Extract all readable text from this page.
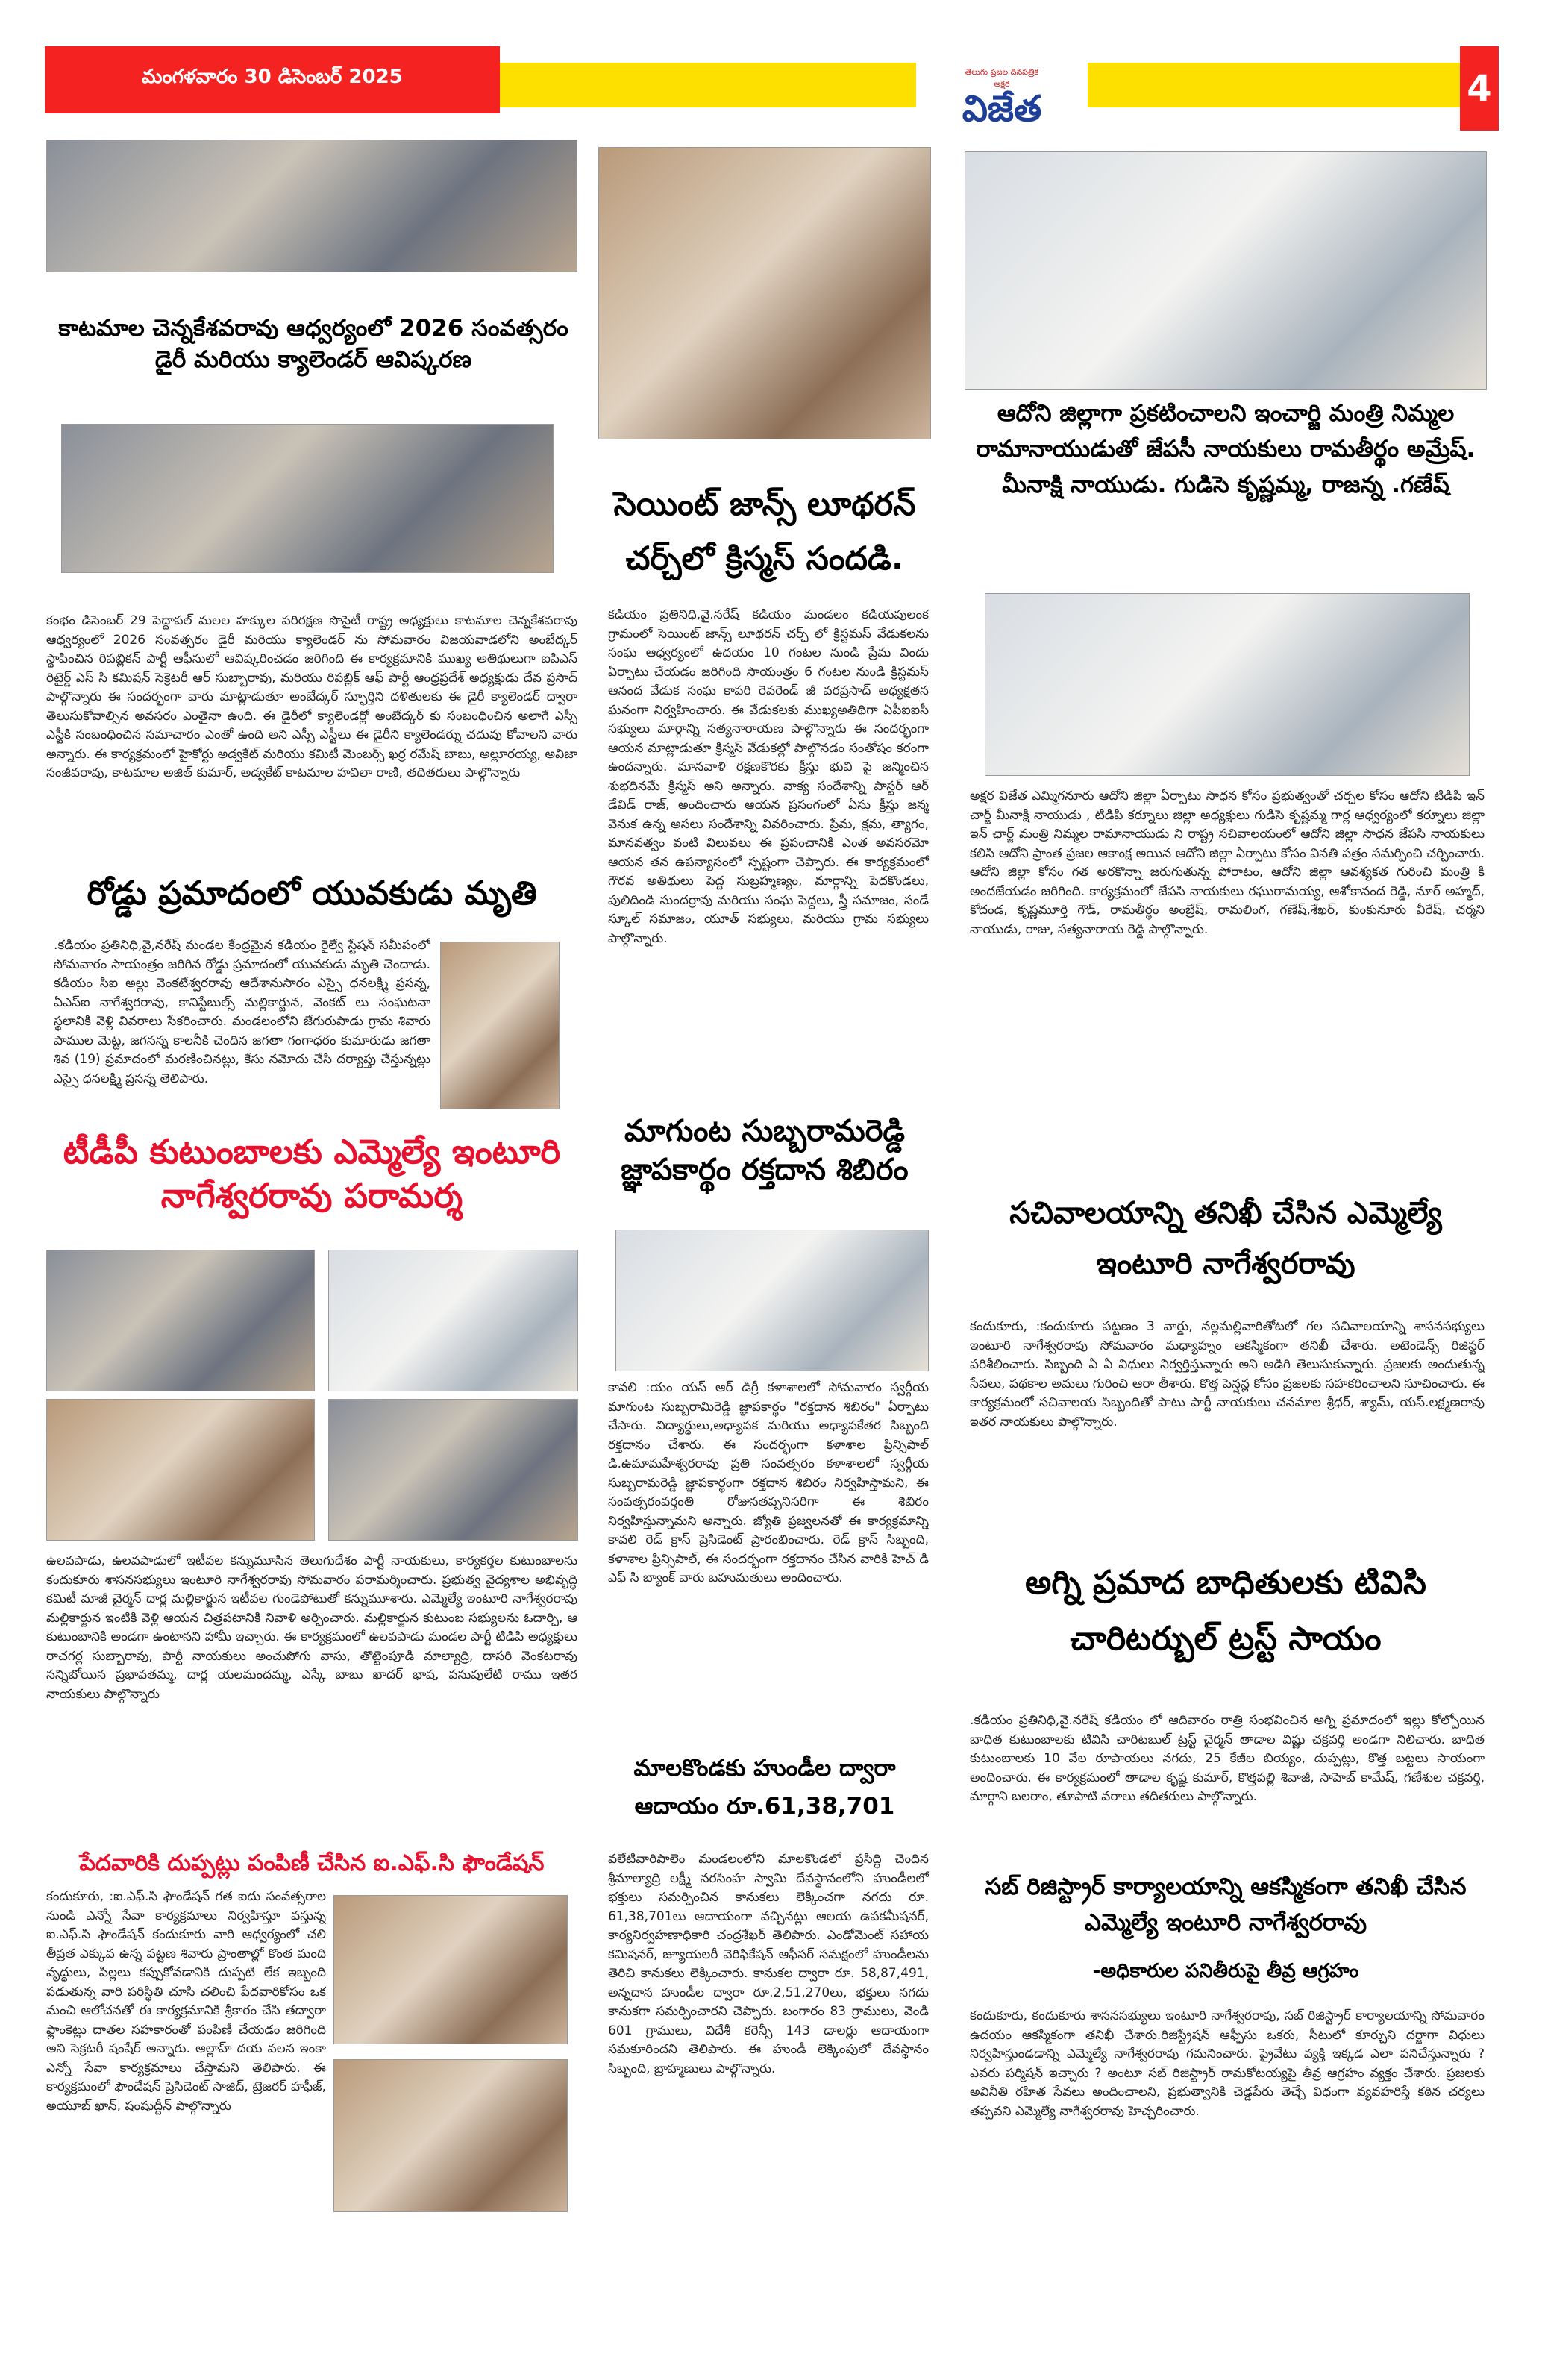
మంగళవారం 30 డిసెంబర్ 2025	తెలుగు ప్రజల దినపత్రిక
అక్షర
విజేత	4
కాటమాల చెన్నకేశవరావు ఆధ్వర్యంలో 2026 సంవత్సరం డైరీ మరియు క్యాలెండర్ ఆవిష్కరణ
కంభం డిసెంబర్ 29 పెద్దాపల్ మలల హక్కుల పరిరక్షణ సొసైటీ రాష్ట్ర అధ్యక్షులు కాటమాల చెన్నకేశవరావు ఆధ్వర్యంలో 2026 సంవత్సరం డైరీ మరియు క్యాలెండర్ ను సోమవారం విజయవాడలోని అంబేద్కర్ స్థాపించిన రిపబ్లికన్ పార్టీ ఆఫీసులో ఆవిష్కరించడం జరిగింది ఈ కార్యక్రమానికి ముఖ్య అతిథులుగా ఐపిఎస్ రిటైర్డ్ ఎస్ సి కమిషన్ సెక్రెటరీ ఆర్ సుబ్బారావు, మరియు రిపబ్లిక్ ఆఫ్ పార్టీ ఆంధ్రప్రదేశ్ అధ్యక్షుడు దేవ ప్రసాద్ పాల్గొన్నారు ఈ సందర్భంగా వారు మాట్లాడుతూ అంబేద్కర్ స్ఫూర్తిని దళితులకు ఈ డైరీ క్యాలెండర్ ద్వారా తెలుసుకోవాల్సిన అవసరం ఎంతైనా ఉంది. ఈ డైరీలో క్యాలెండర్లో అంబేద్కర్ కు సంబంధించిన అలాగే ఎస్సీ ఎస్టీకి సంబంధించిన సమాచారం ఎంతో ఉంది అని ఎస్సీ ఎస్టీలు ఈ డైరీని క్యాలెండర్ను చదువు కోవాలని వారు అన్నారు. ఈ కార్యక్రమంలో హైకోర్టు అడ్వకేట్ మరియు కమిటీ మెంబర్స్ ఖర్ర రమేష్ బాబు, అల్లూరయ్య, అవిజా సంజీవరావు, కాటమాల అజిత్ కుమార్, అడ్వకేట్ కాటమాల హవిలా రాణి, తదితరులు పాల్గొన్నారు
రోడ్డు ప్రమాదంలో యువకుడు మృతి
.కడియం ప్రతినిధి,వై,నరేష్ మండల కేంద్రమైన కడియం రైల్వే స్టేషన్ సమీపంలో సోమవారం సాయంత్రం జరిగిన రోడ్డు ప్రమాదంలో యువకుడు మృతి చెందాడు. కడియం సిఐ అల్లు వెంకటేశ్వరరావు ఆదేశానుసారం ఎస్సై ధనలక్ష్మి ప్రసన్న, ఏఎస్ఐ నాగేశ్వరరావు, కానిస్టేబుల్స్ మల్లికార్జున, వెంకట్ లు సంఘటనా స్థలానికి వెళ్లి వివరాలు సేకరించారు. మండలంలోని జేగురుపాడు గ్రామ శివారు పాముల మెట్ట, జగనన్న కాలనీకి చెందిన జగతా గంగాధరం కుమారుడు జగతా శివ (19) ప్రమాదంలో మరణించినట్లు, కేసు నమోదు చేసి దర్యాప్తు చేస్తున్నట్లు ఎస్సై ధనలక్ష్మి ప్రసన్న తెలిపారు.
టీడీపీ కుటుంబాలకు ఎమ్మెల్యే ఇంటూరి నాగేశ్వరరావు పరామర్శ
ఉలవపాడు, ఉలవపాడులో ఇటీవల కన్నుమూసిన తెలుగుదేశం పార్టీ నాయకులు, కార్యకర్తల కుటుంబాలను కందుకూరు శాసనసభ్యులు ఇంటూరి నాగేశ్వరరావు సోమవారం పరామర్శించారు. ప్రభుత్వ వైద్యశాల అభివృద్ధి కమిటీ మాజీ చైర్మన్ దార్ల మల్లికార్జున ఇటీవల గుండెపోటుతో కన్నుమూశారు. ఎమ్మెల్యే ఇంటూరి నాగేశ్వరరావు మల్లికార్జున ఇంటికి వెళ్లి ఆయన చిత్రపటానికి నివాళి అర్పించారు. మల్లికార్జున కుటుంబ సభ్యులను ఓదార్చి, ఆ కుటుంబానికి అండగా ఉంటానని హామీ ఇచ్చారు. ఈ కార్యక్రమంలో ఉలవపాడు మండల పార్టీ టిడిపి అధ్యక్షులు రాచగర్ల సుబ్బారావు, పార్టీ నాయకులు అంచుపోగు వాసు, తొట్టెంపూడి మాల్యాద్రి, దాసరి వెంకటరావు సన్నిబోయిన ప్రభావతమ్మ, దార్ల యలమందమ్మ, ఎస్కే బాబు ఖాదర్ భాష, పసుపులేటి రాము ఇతర నాయకులు పాల్గొన్నారు
పేదవారికి దుప్పట్లు పంపిణీ చేసిన ఐ.ఎఫ్.సి ఫౌండేషన్
కందుకూరు, :ఐ.ఎఫ్.సి ఫౌండేషన్ గత ఐదు సంవత్సరాల నుండి ఎన్నో సేవా కార్యక్రమాలు నిర్వహిస్తూ వస్తున్న ఐ.ఎఫ్.సి ఫౌండేషన్ కందుకూరు వారి ఆధ్వర్యంలో చలి తీవ్రత ఎక్కువ ఉన్న పట్టణ శివారు ప్రాంతాల్లో కొంత మంది వృద్ధులు, పిల్లలు కప్పుకోవడానికి దుప్పటి లేక ఇబ్బంది పడుతున్న వారి పరిస్థితి చూసి చలించి పేదవారికోసం ఒక మంచి ఆలోచనతో ఈ కార్యక్రమానికి శ్రీకారం చేసి తద్వారా ఫ్లాంకెట్లు దాతల సహకారంతో పంపిణీ చేయడం జరిగింది అని సెక్రటరీ షంషేర్ అన్నారు. ఆల్లాహ్ దయ వలన ఇంకా ఎన్నో సేవా కార్యక్రమాలు చేస్తామని తెలిపారు. ఈ కార్యక్రమంలో ఫౌండేషన్ ప్రెసిడెంట్ సాజిద్, ట్రెజరర్ హఫీజ్, అయూబ్ ఖాన్, షంషుద్దీన్ పాల్గొన్నారు
సెయింట్ జాన్స్ లూథరన్ చర్చ్‌లో క్రిస్మస్ సందడి.
కడియం ప్రతినిధి,వై.నరేష్ కడియం మండలం కడియపులంక గ్రామంలో సెయింట్ జాన్స్ లూథరన్ చర్చ్ లో క్రిస్టమస్ వేడుకలను సంఘ ఆధ్వర్యంలో ఉదయం 10 గంటల నుండి ప్రేమ విందు ఏర్పాటు చేయడం జరిగింది సాయంత్రం 6 గంటల నుండి క్రిస్టమస్ ఆనంద వేడుక సంఘ కాపరి రెవరెండ్ జీ వరప్రసాద్ అధ్యక్షతన ఘనంగా నిర్వహించారు. ఈ వేడుకలకు ముఖ్యఅతిథిగా ఏపీఐఐసీ సభ్యులు మార్గాన్ని సత్యనారాయణ పాల్గొన్నారు ఈ సందర్భంగా ఆయన మాట్లాడుతూ క్రిస్మస్ వేడుకల్లో పాల్గొనడం సంతోషం కరంగా ఉందన్నారు. మానవాళి రక్షణకొరకు క్రీస్తు భువి పై జన్మించిన శుభదినమే క్రిస్మస్ అని అన్నారు. వాక్య సందేశాన్ని పాస్టర్ ఆర్ డేవిడ్ రాజ్, అందించారు ఆయన ప్రసంగంలో ఏసు క్రీస్తు జన్మ వెనుక ఉన్న అసలు సందేశాన్ని వివరించారు. ప్రేమ, క్షమ, త్యాగం, మానవత్వం వంటి విలువలు ఈ ప్రపంచానికి ఎంత అవసరమో ఆయన తన ఉపన్యాసంలో స్పష్టంగా చెప్పారు. ఈ కార్యక్రమంలో గౌరవ అతిథులు పెద్ద సుబ్రహ్మణ్యం, మార్గాన్ని పెదకొండలు, పులిదిండి సుందర్రావు మరియు సంఘ పెద్దలు, స్త్రీ సమాజం, సండే స్కూల్ సమాజం, యూత్ సభ్యులు, మరియు గ్రామ సభ్యులు పాల్గొన్నారు.
మాగుంట సుబ్బరామరెడ్డి జ్ఞాపకార్థం రక్తదాన శిబిరం
కావలి :యం యస్ ఆర్ డిగ్రీ కళాశాలలో సోమవారం స్వర్గీయ మాగుంట సుబ్బరామిరెడ్డి జ్ఞాపకార్థం "రక్తదాన శిబిరం" ఏర్పాటు చేసారు. విద్యార్థులు,అధ్యాపక మరియు అధ్యాపకేతర సిబ్బంది రక్తదానం చేశారు. ఈ సందర్భంగా కళాశాల ప్రిన్సిపాల్ డి.ఉమామహేశ్వరరావు ప్రతి సంవత్సరం కళాశాలలో స్వర్గీయ సుబ్బరామరెడ్డి జ్ఞాపకార్థంగా రక్తదాన శిబిరం నిర్వహిస్తామని, ఈ సంవత్సరంవర్తంతి రోజునతప్పనిసరిగా ఈ శిబిరం నిర్వహిస్తున్నామని అన్నారు. జ్యోతి ప్రజ్వలనతో ఈ కార్యక్రమాన్ని కావలి రెడ్ క్రాస్ ప్రెసిడెంట్ ప్రారంభించారు. రెడ్ క్రాస్ సిబ్బంది, కళాశాల ప్రిన్సిపాల్, ఈ సందర్భంగా రక్తదానం చేసిన వారికి హెచ్ డి ఎఫ్ సి బ్యాంక్ వారు బహుమతులు అందించారు.
మాలకొండకు హుండీల ద్వారా ఆదాయం రూ.61,38,701
వలేటివారిపాలెం మండలంలోని మాలకొండలో ప్రసిద్ధి చెందిన శ్రీమాల్యాద్రి లక్ష్మీ నరసింహ స్వామి దేవస్థానంలోని హుండీలలో భక్తులు సమర్పించిన కానుకలు లెక్కించగా నగదు రూ. 61,38,701లు ఆదాయంగా వచ్చినట్లు ఆలయ ఉపకమీషనర్, కార్యనిర్వహణాధికారి చంద్రశేఖర్ తెలిపారు. ఎండోమెంట్ సహాయ కమిషనర్, జ్యూయలరీ వెరిఫికేషన్ ఆఫీసర్ సమక్షంలో హుండీలను తెరిచి కానుకలు లెక్కించారు. కానుకల ద్వారా రూ. 58,87,491, అన్నదాన హుండీల ద్వారా రూ.2,51,270లు, భక్తులు నగదు కానుకగా సమర్పించారని చెప్పారు. బంగారం 83 గ్రాములు, వెండి 601 గ్రాములు, విదేశీ కరెన్సీ 143 డాలర్లు ఆదాయంగా సమకూరిందని తెలిపారు. ఈ హుండీ లెక్కింపులో దేవస్థానం సిబ్బంది, బ్రాహ్మణులు పాల్గొన్నారు.
ఆదోని జిల్లాగా ప్రకటించాలని ఇంచార్జి మంత్రి నిమ్మల రామానాయుడుతో జేపసీ నాయకులు రామతీర్థం అమ్రేష్. మీనాక్షి నాయుడు. గుడిసె కృష్ణమ్మ, రాజన్న .గణేష్
అక్షర విజేత ఎమ్మిగనూరు ఆదోని జిల్లా ఏర్పాటు సాధన కోసం ప్రభుత్వంతో చర్చల కోసం ఆదోని టిడిపి ఇన్ చార్జ్ మీనాక్షి నాయుడు , టిడిపి కర్నూలు జిల్లా అధ్యక్షులు గుడిసె కృష్ణమ్మ గార్ల ఆధ్వర్యంలో కర్నూలు జిల్లా ఇన్ ఛార్జ్ మంత్రి నిమ్మల రామానాయుడు ని రాష్ట్ర సచివాలయంలో ఆదోని జిల్లా సాధన జేపసి నాయకులు కలిసి ఆదోని ప్రాంత ప్రజల ఆకాంక్ష అయిన ఆదోని జిల్లా ఏర్పాటు కోసం వినతి పత్రం సమర్పించి చర్చించారు. ఆదోని జిల్లా కోసం గత అరకొన్నా జరుగుతున్న పోరాటం, ఆదోని జిల్లా ఆవశ్యకత గురించి మంత్రి కి అందజేయడం జరిగింది. కార్యక్రమంలో జేపసి నాయకులు రఘురామయ్య, ఆశోకానంద రెడ్డి, నూర్ అహ్మద్, కోదండ, కృష్ణమూర్తి గౌడ్, రామతీర్థం అంబ్రేష్, రామలింగ, గణేష్,శేఖర్, కుంకునూరు వీరేష్, చర్మని నాయుడు, రాజు, సత్యనారాయ రెడ్డి పాల్గొన్నారు.
సచివాలయాన్ని తనిఖీ చేసిన ఎమ్మెల్యే ఇంటూరి నాగేశ్వరరావు
కందుకూరు, :కందుకూరు పట్టణం 3 వార్డు, నల్లమల్లివారితోటలో గల సచివాలయాన్ని శాసనసభ్యులు ఇంటూరి నాగేశ్వరరావు సోమవారం మధ్యాహ్నం ఆకస్మికంగా తనిఖీ చేశారు. అటెండెన్స్ రిజిస్టర్ పరిశీలించారు. సిబ్బంది ఏ ఏ విధులు నిర్వర్తిస్తున్నారు అని అడిగి తెలుసుకున్నారు. ప్రజలకు అందుతున్న సేవలు, పథకాల అమలు గురించి ఆరా తీశారు. కొత్త పెన్షన్ల కోసం ప్రజలకు సహకరించాలని సూచించారు. ఈ కార్యక్రమంలో సచివాలయ సిబ్బందితో పాటు పార్టీ నాయకులు చనమాల శ్రీధర్, శ్యామ్, యస్.లక్ష్మణరావు ఇతర నాయకులు పాల్గొన్నారు.
అగ్ని ప్రమాద బాధితులకు టివిసి చారిటర్బుల్ ట్రస్ట్ సాయం
.కడియం ప్రతినిధి,వై.నరేష్ కడియం లో ఆదివారం రాత్రి సంభవించిన అగ్ని ప్రమాదంలో ఇల్లు కోల్పోయిన బాధిత కుటుంబాలకు టివిసి చారిటబుల్ ట్రస్ట్ చైర్మన్ తాడాల విష్ణు చక్రవర్తి అండగా నిలిచారు. బాధిత కుటుంబాలకు 10 వేల రూపాయలు నగదు, 25 కేజీల బియ్యం, దుప్పట్లు, కొత్త బట్టలు సాయంగా అందించారు. ఈ కార్యక్రమంలో తాడాల కృష్ణ కుమార్, కొత్తపల్లి శివాజీ, సాహెబ్ కామేష్, గణేశుల చక్రవర్తి, మార్గాని బలరాం, తూపాటి వరాలు తదితరులు పాల్గొన్నారు.
సబ్ రిజిస్ట్రార్ కార్యాలయాన్ని ఆకస్మికంగా తనిఖీ చేసిన ఎమ్మెల్యే ఇంటూరి నాగేశ్వరరావు
-అధికారుల పనితీరుపై తీవ్ర ఆగ్రహం
కందుకూరు, కందుకూరు శాసనసభ్యులు ఇంటూరి నాగేశ్వరరావు, సబ్ రిజిస్ట్రార్ కార్యాలయాన్ని సోమవారం ఉదయం ఆకస్మికంగా తనిఖీ చేశారు.రిజిస్ట్రేషన్ ఆఫ్ఫీసు ఒకరు, సీటులో కూర్చుని దర్జాగా విధులు నిర్వహిస్తుండడాన్ని ఎమ్మెల్యే నాగేశ్వరరావు గమనించారు. ప్రైవేటు వ్యక్తి ఇక్కడ ఎలా పనిచేస్తున్నారు ? ఎవరు పర్మిషన్ ఇచ్చారు ? అంటూ సబ్ రిజిస్ట్రార్ రామకోటయ్యపై తీవ్ర ఆగ్రహం వ్యక్తం చేశారు. ప్రజలకు అవినీతి రహిత సేవలు అందించాలని, ప్రభుత్వానికి చెడ్డపేరు తెచ్చే విధంగా వ్యవహరిస్తే కఠిన చర్యలు తప్పవని ఎమ్మెల్యే నాగేశ్వరరావు హెచ్చరించారు.
